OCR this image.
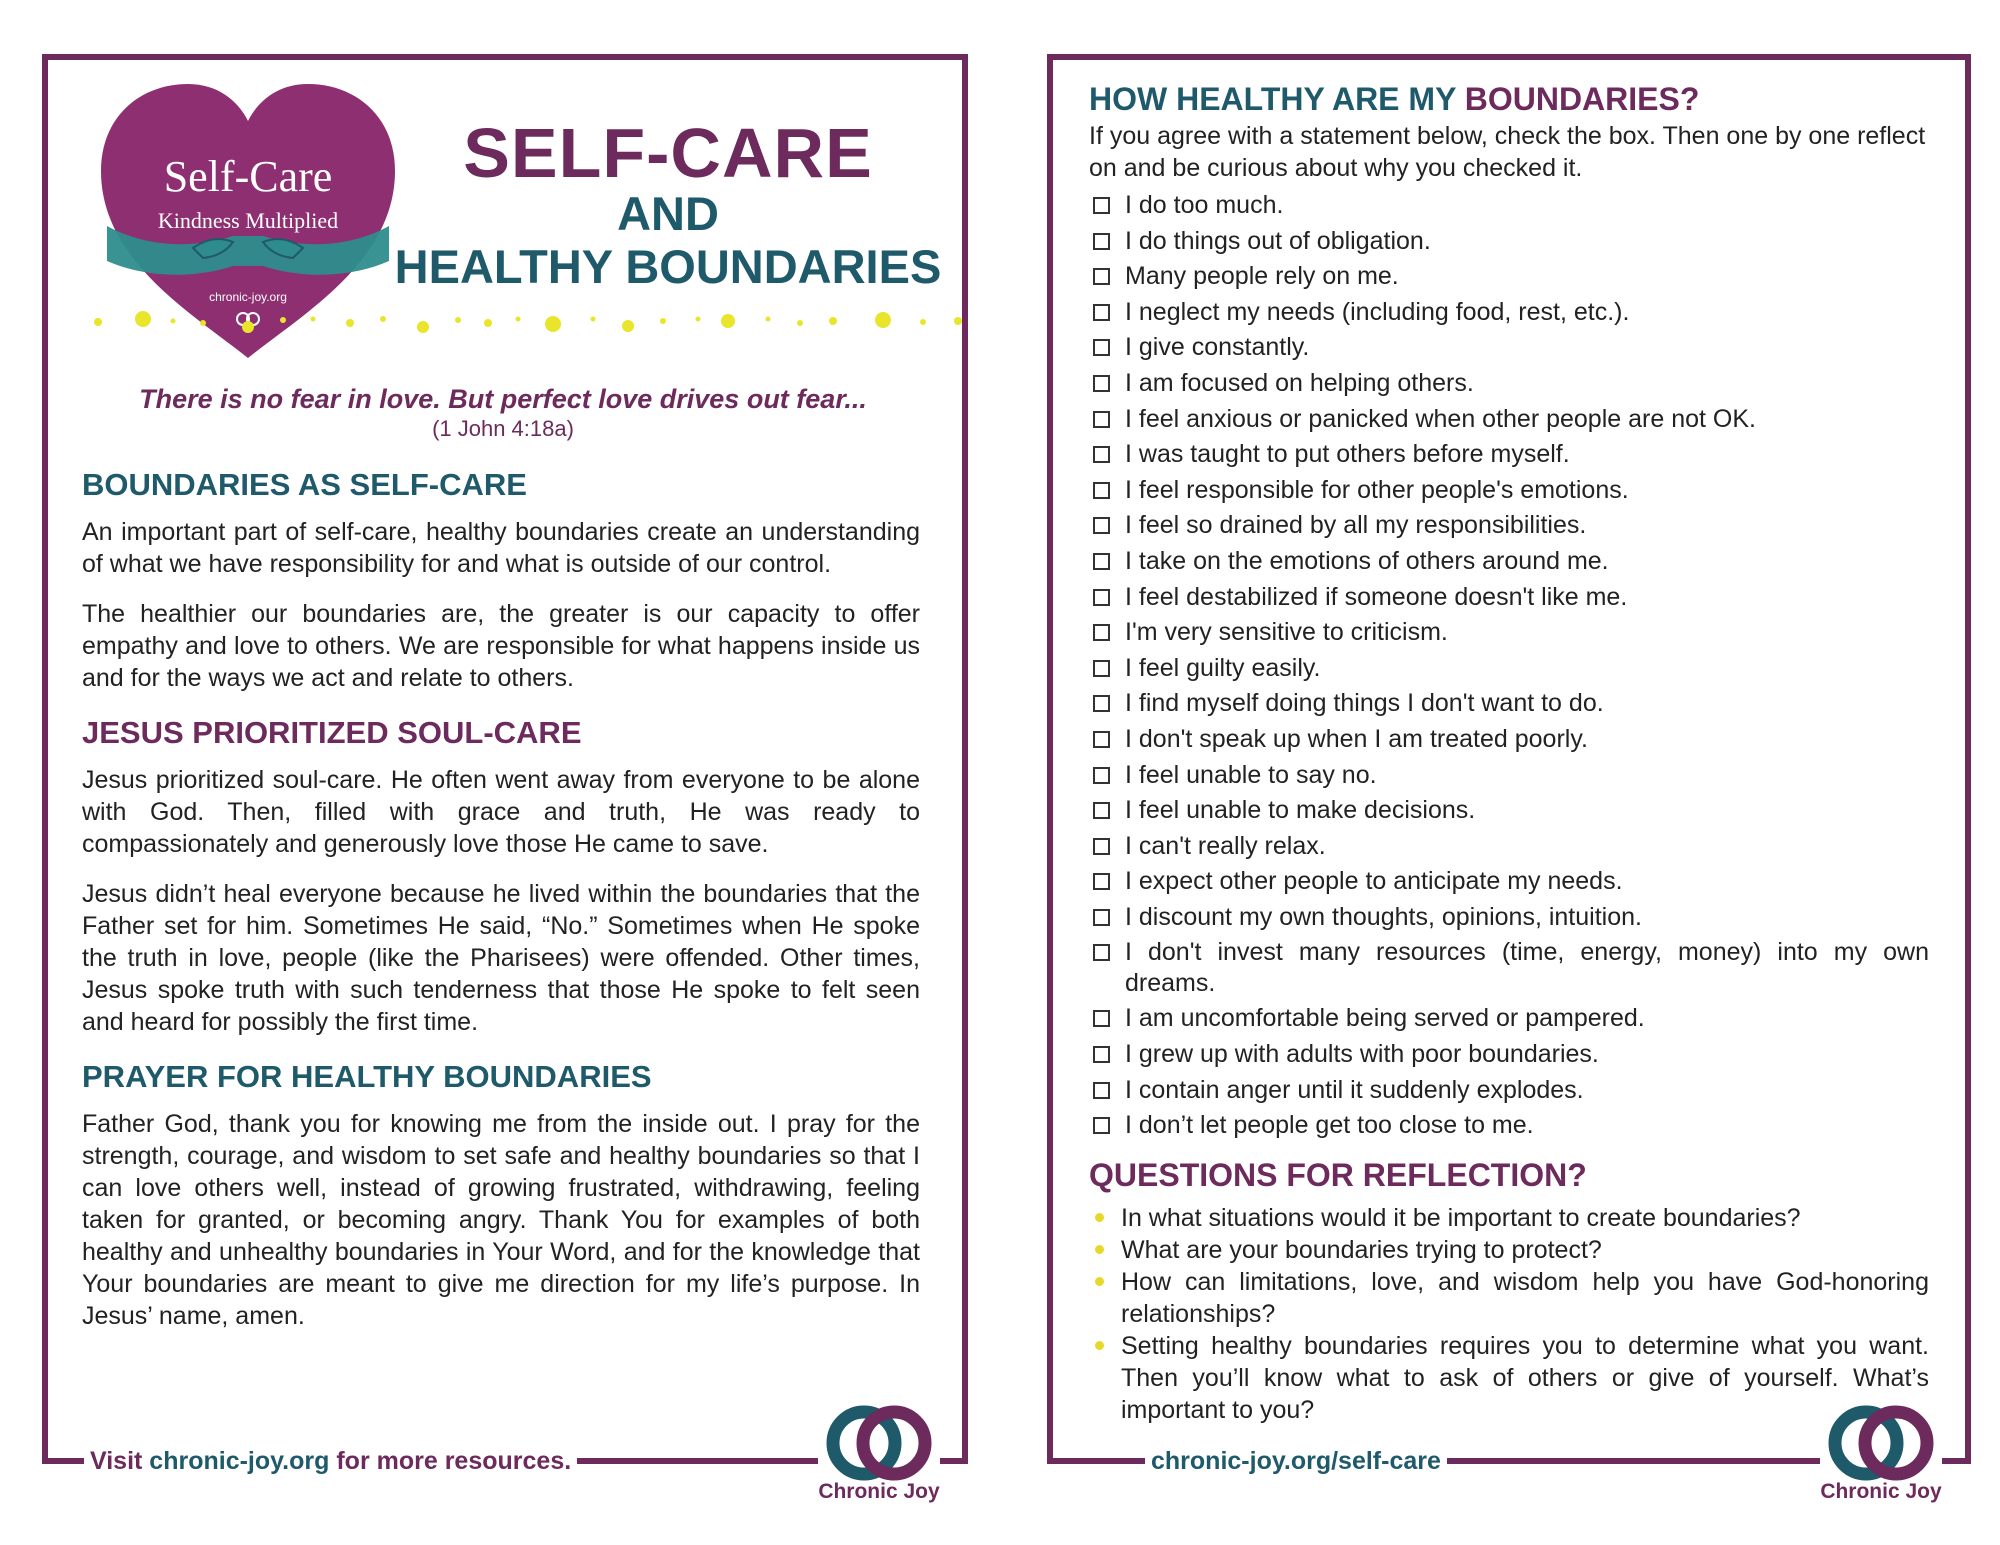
Self-Care
Kindness Multiplied
chronic-joy.org
SELF-CARE
AND
HEALTHY BOUNDARIES
There is no fear in love. But perfect love drives out fear...
(1 John 4:18a)
BOUNDARIES AS SELF-CARE

An important part of self-care, healthy boundaries create an understanding of what we have responsibility for and what is outside of our control.

The healthier our boundaries are, the greater is our capacity to offer empathy and love to others. We are responsible for what happens inside us and for the ways we act and relate to others.

JESUS PRIORITIZED SOUL-CARE

Jesus prioritized soul-care. He often went away from everyone to be alone with God. Then, filled with grace and truth, He was ready to compassionately and generously love those He came to save.

Jesus didn’t heal everyone because he lived within the boundaries that the Father set for him. Sometimes He said, “No.” Sometimes when He spoke the truth in love, people (like the Pharisees) were offended. Other times, Jesus spoke truth with such tenderness that those He spoke to felt seen and heard for possibly the first time.

PRAYER FOR HEALTHY BOUNDARIES

Father God, thank you for knowing me from the inside out. I pray for the strength, courage, and wisdom to set safe and healthy boundaries so that I can love others well, instead of growing frustrated, withdrawing, feeling taken for granted, or becoming angry. Thank You for examples of both healthy and unhealthy boundaries in Your Word, and for the knowledge that Your boundaries are meant to give me direction for my life’s purpose. In Jesus’ name, amen.

Visit chronic-joy.org for more resources.
Chronic Joy
HOW HEALTHY ARE MY BOUNDARIES?

If you agree with a statement below, check the box. Then one by one reflect on and be curious about why you checked it.

I do too much.
I do things out of obligation.
Many people rely on me.
I neglect my needs (including food, rest, etc.).
I give constantly.
I am focused on helping others.
I feel anxious or panicked when other people are not OK.
I was taught to put others before myself.
I feel responsible for other people's emotions.
I feel so drained by all my responsibilities.
I take on the emotions of others around me.
I feel destabilized if someone doesn't like me.
I'm very sensitive to criticism.
I feel guilty easily.
I find myself doing things I don't want to do.
I don't speak up when I am treated poorly.
I feel unable to say no.
I feel unable to make decisions.
I can't really relax.
I expect other people to anticipate my needs.
I discount my own thoughts, opinions, intuition.
I don't invest many resources (time, energy, money) into my own dreams.
I am uncomfortable being served or pampered.
I grew up with adults with poor boundaries.
I contain anger until it suddenly explodes.
I don’t let people get too close to me.
QUESTIONS FOR REFLECTION?
In what situations would it be important to create boundaries?
What are your boundaries trying to protect?
How can limitations, love, and wisdom help you have God-honoring relationships?
Setting healthy boundaries requires you to determine what you want. Then you’ll know what to ask of others or give of yourself. What’s important to you?
chronic-joy.org/self-care
Chronic Joy
